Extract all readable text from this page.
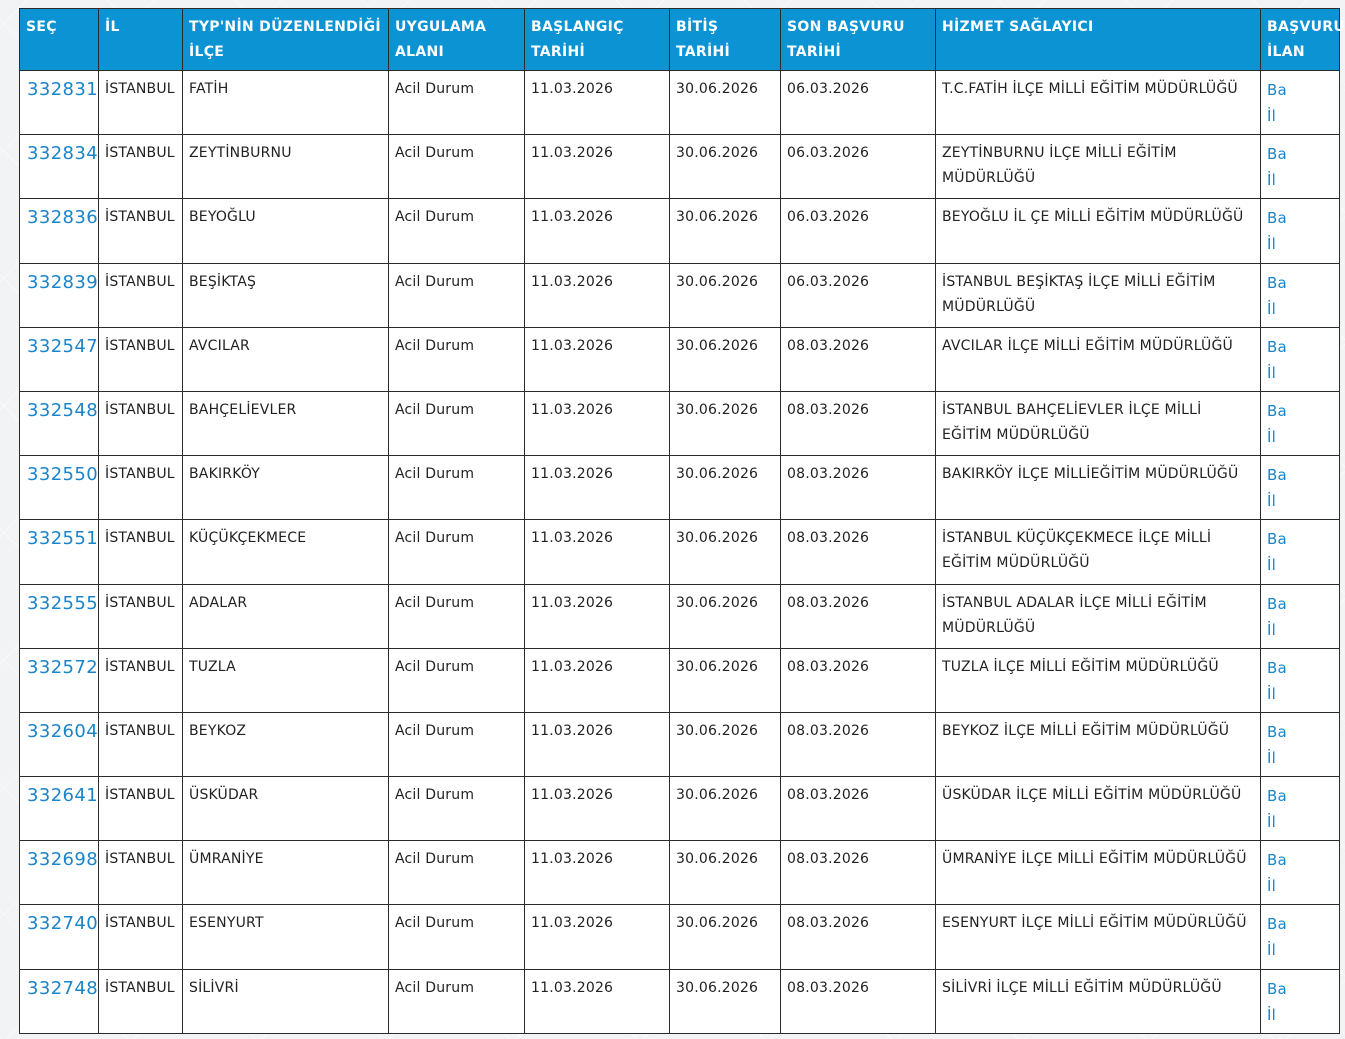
SEÇ	İL	TYP'NİN DÜZENLENDİĞİ İLÇE	UYGULAMA ALANI	BAŞLANGIÇ TARİHİ	BİTİŞ TARİHİ	SON BAŞVURU TARİHİ	HİZMET SAĞLAYICI	BAŞVURU İLAN
332831	İSTANBUL	FATİH	Acil Durum	11.03.2026	30.06.2026	06.03.2026	T.C.FATİH İLÇE MİLLİ EĞİTİM MÜDÜRLÜĞÜ	Ba
İl

332834	İSTANBUL	ZEYTİNBURNU	Acil Durum	11.03.2026	30.06.2026	06.03.2026	ZEYTİNBURNU İLÇE MİLLİ EĞİTİM MÜDÜRLÜĞÜ	Ba
İl

332836	İSTANBUL	BEYOĞLU	Acil Durum	11.03.2026	30.06.2026	06.03.2026	BEYOĞLU İL ÇE MİLLİ EĞİTİM MÜDÜRLÜĞÜ	Ba
İl

332839	İSTANBUL	BEŞİKTAŞ	Acil Durum	11.03.2026	30.06.2026	06.03.2026	İSTANBUL BEŞİKTAŞ İLÇE MİLLİ EĞİTİM MÜDÜRLÜĞÜ	Ba
İl

332547	İSTANBUL	AVCILAR	Acil Durum	11.03.2026	30.06.2026	08.03.2026	AVCILAR İLÇE MİLLİ EĞİTİM MÜDÜRLÜĞÜ	Ba
İl

332548	İSTANBUL	BAHÇELİEVLER	Acil Durum	11.03.2026	30.06.2026	08.03.2026	İSTANBUL BAHÇELİEVLER İLÇE MİLLİ EĞİTİM MÜDÜRLÜĞÜ	Ba
İl

332550	İSTANBUL	BAKIRKÖY	Acil Durum	11.03.2026	30.06.2026	08.03.2026	BAKIRKÖY İLÇE MİLLİEĞİTİM MÜDÜRLÜĞÜ	Ba
İl

332551	İSTANBUL	KÜÇÜKÇEKMECE	Acil Durum	11.03.2026	30.06.2026	08.03.2026	İSTANBUL KÜÇÜKÇEKMECE İLÇE MİLLİ EĞİTİM MÜDÜRLÜĞÜ	Ba
İl

332555	İSTANBUL	ADALAR	Acil Durum	11.03.2026	30.06.2026	08.03.2026	İSTANBUL ADALAR İLÇE MİLLİ EĞİTİM MÜDÜRLÜĞÜ	Ba
İl

332572	İSTANBUL	TUZLA	Acil Durum	11.03.2026	30.06.2026	08.03.2026	TUZLA İLÇE MİLLİ EĞİTİM MÜDÜRLÜĞÜ	Ba
İl

332604	İSTANBUL	BEYKOZ	Acil Durum	11.03.2026	30.06.2026	08.03.2026	BEYKOZ İLÇE MİLLİ EĞİTİM MÜDÜRLÜĞÜ	Ba
İl

332641	İSTANBUL	ÜSKÜDAR	Acil Durum	11.03.2026	30.06.2026	08.03.2026	ÜSKÜDAR İLÇE MİLLİ EĞİTİM MÜDÜRLÜĞÜ	Ba
İl

332698	İSTANBUL	ÜMRANİYE	Acil Durum	11.03.2026	30.06.2026	08.03.2026	ÜMRANİYE İLÇE MİLLİ EĞİTİM MÜDÜRLÜĞÜ	Ba
İl

332740	İSTANBUL	ESENYURT	Acil Durum	11.03.2026	30.06.2026	08.03.2026	ESENYURT İLÇE MİLLİ EĞİTİM MÜDÜRLÜĞÜ	Ba
İl

332748	İSTANBUL	SİLİVRİ	Acil Durum	11.03.2026	30.06.2026	08.03.2026	SİLİVRİ İLÇE MİLLİ EĞİTİM MÜDÜRLÜĞÜ	Ba
İl
